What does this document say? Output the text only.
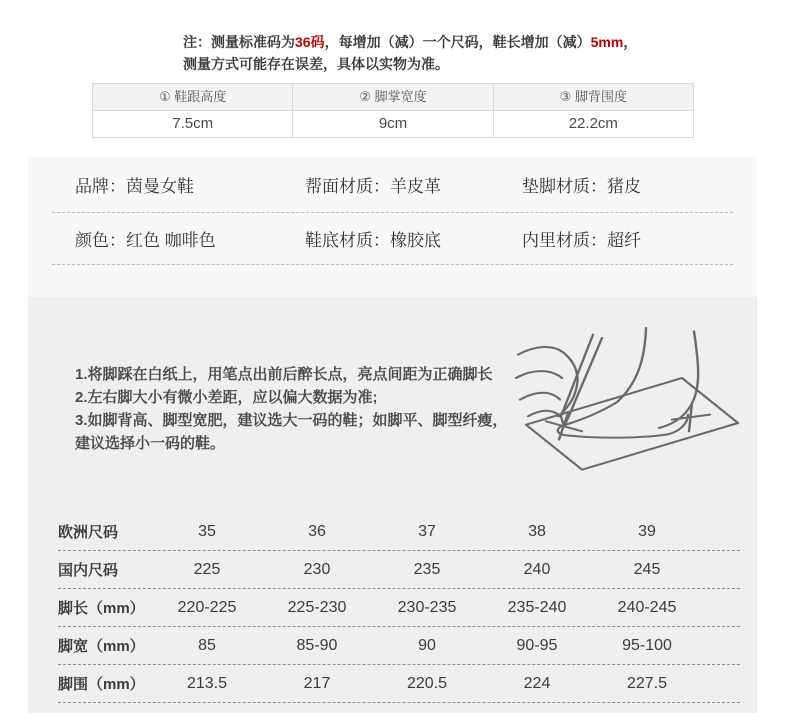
注：测量标准码为36码，每增加（减）一个尺码，鞋长增加（减）5mm，
测量方式可能存在误差，具体以实物为准。
① 鞋跟高度	② 脚掌宽度	③ 脚背围度
7.5cm	9cm	22.2cm
品牌：茵曼女鞋	帮面材质：羊皮革	垫脚材质：猪皮
颜色：红色 咖啡色	鞋底材质：橡胶底	内里材质：超纤
1.将脚踩在白纸上，用笔点出前后醉长点，亮点间距为正确脚长
2.左右脚大小有微小差距，应以偏大数据为准;
3.如脚背高、脚型宽肥，建议选大一码的鞋；如脚平、脚型纤瘦，
建议选择小一码的鞋。
欧洲尺码	35	36	37	38	39
国内尺码	225	230	235	240	245
脚长（mm）	220-225	225-230	230-235	235-240	240-245
脚宽（mm）	85	85-90	90	90-95	95-100
脚围（mm）	213.5	217	220.5	224	227.5
